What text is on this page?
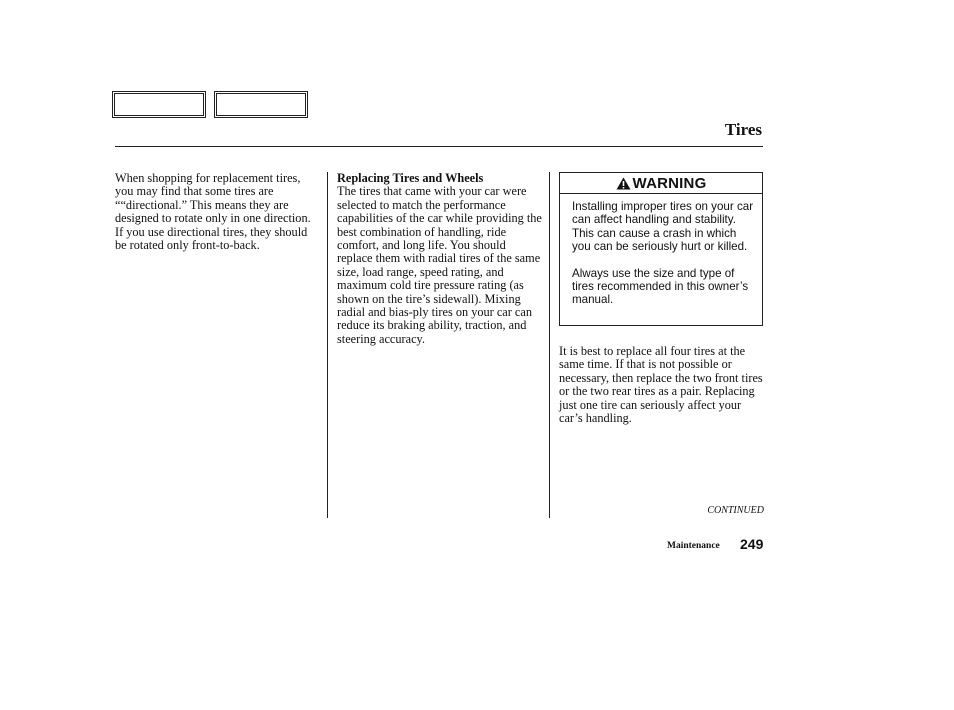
Tires

When shopping for replacement tires, you may find that some tires are ““directional.” This means they are designed to rotate only in one direction. If you use directional tires, they should be rotated only front-to-back.

Replacing Tires and Wheels

The tires that came with your car were selected to match the performance capabilities of the car while providing the best combination of handling, ride comfort, and long life. You should replace them with radial tires of the same size, load range, speed rating, and maximum cold tire pressure rating (as shown on the tire’s sidewall). Mixing radial and bias-ply tires on your car can reduce its braking ability, traction, and steering accuracy.

WARNING

Installing improper tires on your car can affect handling and stability. This can cause a crash in which you can be seriously hurt or killed.

Always use the size and type of tires recommended in this owner’s manual.

It is best to replace all four tires at the same time. If that is not possible or necessary, then replace the two front tires or the two rear tires as a pair. Replacing just one tire can seriously affect your car’s handling.

CONTINUED
Maintenance 249
